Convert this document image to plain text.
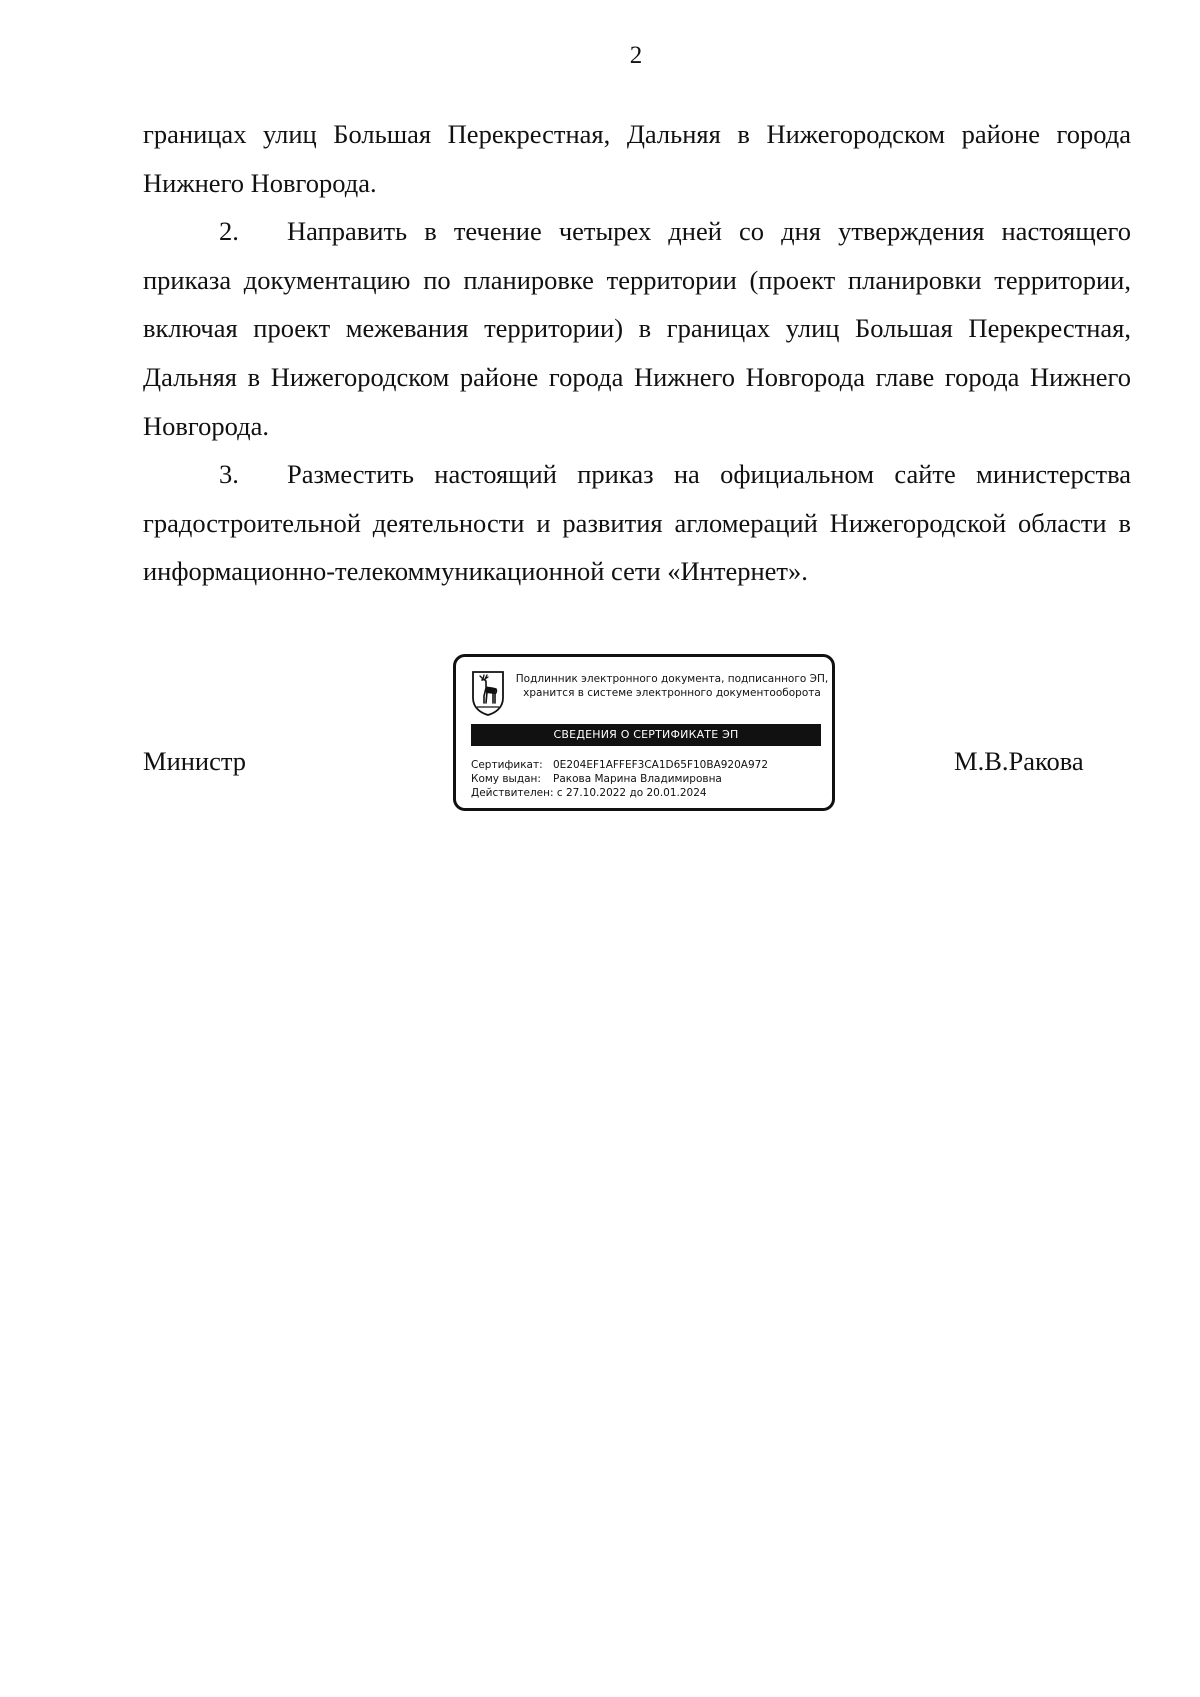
2

границах улиц Большая Перекрестная, Дальняя в Нижегородском районе города Нижнего Новгорода.

2. Направить в течение четырех дней со дня утверждения настоящего приказа документацию по планировке территории (проект планировки территории, включая проект межевания территории) в границах улиц Большая Перекрестная, Дальняя в Нижегородском районе города Нижнего Новгорода главе города Нижнего Новгорода.

3. Разместить настоящий приказ на официальном сайте министерства градостроительной деятельности и развития агломераций Нижегородской области в информационно-телекоммуникационной сети «Интернет».

Министр	М.В.Ракова
Подлинник электронного документа, подписанного ЭП,
хранится в системе электронного документооборота
СВЕДЕНИЯ О СЕРТИФИКАТЕ ЭП
Сертификат: 0E204EF1AFFEF3CA1D65F10BA920A972
Кому выдан: Ракова Марина Владимировна
Действителен: с 27.10.2022 до 20.01.2024
